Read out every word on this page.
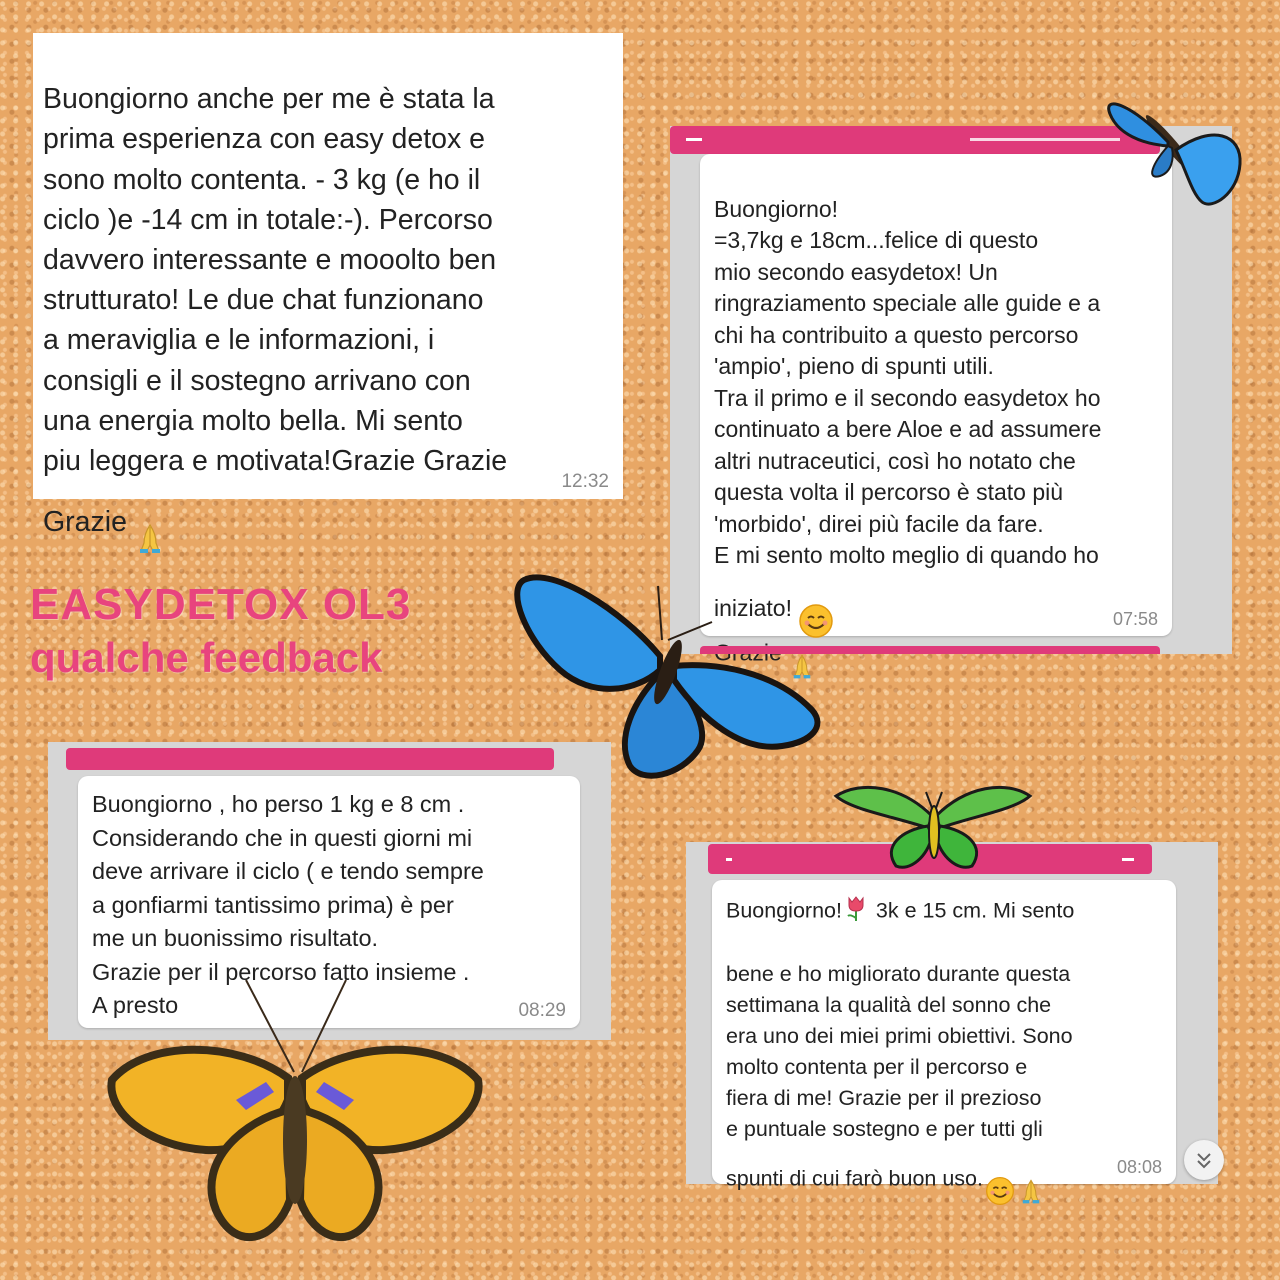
Buongiorno anche per me è stata la
prima esperienza con easy detox e
sono molto contenta. - 3 kg (e ho il
ciclo )e -14 cm in totale:-). Percorso
davvero interessante e mooolto ben
strutturato! Le due chat funzionano
a meraviglia e le informazioni, i
consigli e il sostegno arrivano con
una energia molto bella. Mi sento
piu leggera e motivata!Grazie Grazie
Grazie

12:32

Buongiorno!
=3,7kg e 18cm...felice di questo
mio secondo easydetox! Un
ringraziamento speciale alle guide e a
chi ha contribuito a questo percorso
'ampio', pieno di spunti utili.
Tra il primo e il secondo easydetox ho
continuato a bere Aloe e ad assumere
altri nutraceutici, così ho notato che
questa volta il percorso è stato più
'morbido', direi più facile da fare.
E mi sento molto meglio di quando ho
iniziato!	07:58
EASYDETOX OL3
qualche feedback

Buongiorno , ho perso 1 kg e 8 cm .
Considerando che in questi giorni mi
deve arrivare il ciclo ( e tendo sempre
a gonfiarmi tantissimo prima) è per
me un buonissimo risultato.
Grazie per il percorso fatto insieme .
A presto	08:29

Buongiorno! 3k e 15 cm. Mi sento

bene e ho migliorato durante questa
settimana la qualità del sonno che
era uno dei miei primi obiettivi. Sono
molto contenta per il percorso e
fiera di me! Grazie per il prezioso
e puntuale sostegno e per tutti gli
spunti di cui farò buon uso.	08:08
